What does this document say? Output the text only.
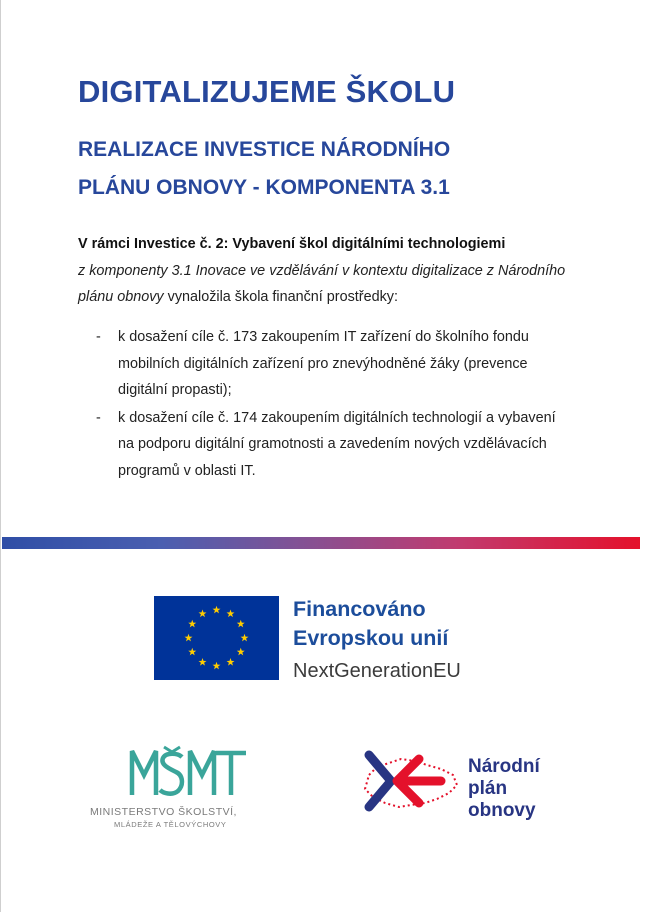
DIGITALIZUJEME ŠKOLU
REALIZACE INVESTICE NÁRODNÍHO
PLÁNU OBNOVY - KOMPONENTA 3.1
V rámci Investice č. 2: Vybavení škol digitálními technologiemi
z komponenty 3.1 Inovace ve vzdělávání v kontextu digitalizace z Národního plánu obnovy vynaložila škola finanční prostředky:
- k dosažení cíle č. 173 zakoupením IT zařízení do školního fondu mobilních digitálních zařízení pro znevýhodněné žáky (prevence digitální propasti);
- k dosažení cíle č. 174 zakoupením digitálních technologií a vybavení na podporu digitální gramotnosti a zavedením nových vzdělávacích programů v oblasti IT.
Financováno
Evropskou unií
NextGenerationEU
MINISTERSTVO ŠKOLSTVÍ,
MLÁDEŽE A TĚLOVÝCHOVY
Národní
plán
obnovy
